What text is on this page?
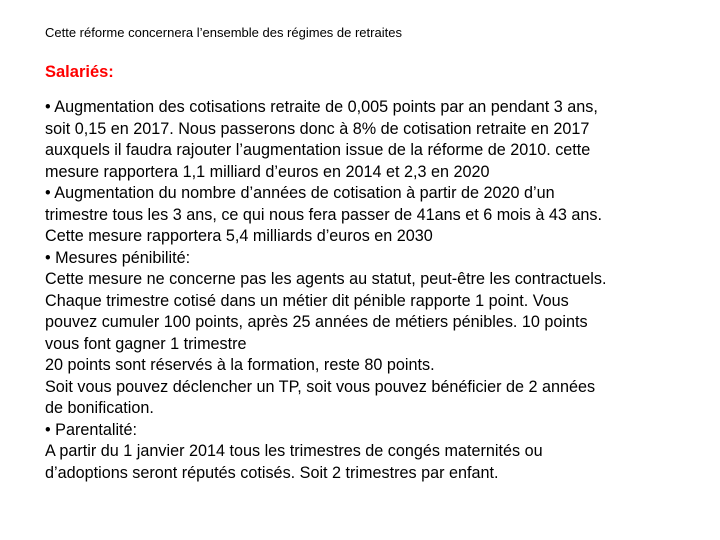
Cette réforme concernera l’ensemble des régimes de retraites
Salariés:
• Augmentation des cotisations retraite de 0,005 points par an pendant 3 ans,
soit 0,15 en 2017. Nous passerons donc à 8% de cotisation retraite en 2017
auxquels il faudra rajouter l’augmentation issue de la réforme de 2010. cette
mesure rapportera 1,1 milliard d’euros en 2014 et 2,3 en 2020
• Augmentation du nombre d’années de cotisation à partir de 2020 d’un
trimestre tous les 3 ans, ce qui nous fera passer de 41ans et 6 mois à 43 ans.
Cette mesure rapportera 5,4 milliards d’euros en 2030
• Mesures pénibilité:
Cette mesure ne concerne pas les agents au statut, peut-être les contractuels.
Chaque trimestre cotisé dans un métier dit pénible rapporte 1 point. Vous
pouvez cumuler 100 points, après 25 années de métiers pénibles. 10 points
vous font gagner 1 trimestre
20 points sont réservés à la formation, reste 80 points.
Soit vous pouvez déclencher un TP, soit vous pouvez bénéficier de 2 années
de bonification.
• Parentalité:
A partir du 1 janvier 2014 tous les trimestres de congés maternités ou
d’adoptions seront réputés cotisés. Soit 2 trimestres par enfant.
